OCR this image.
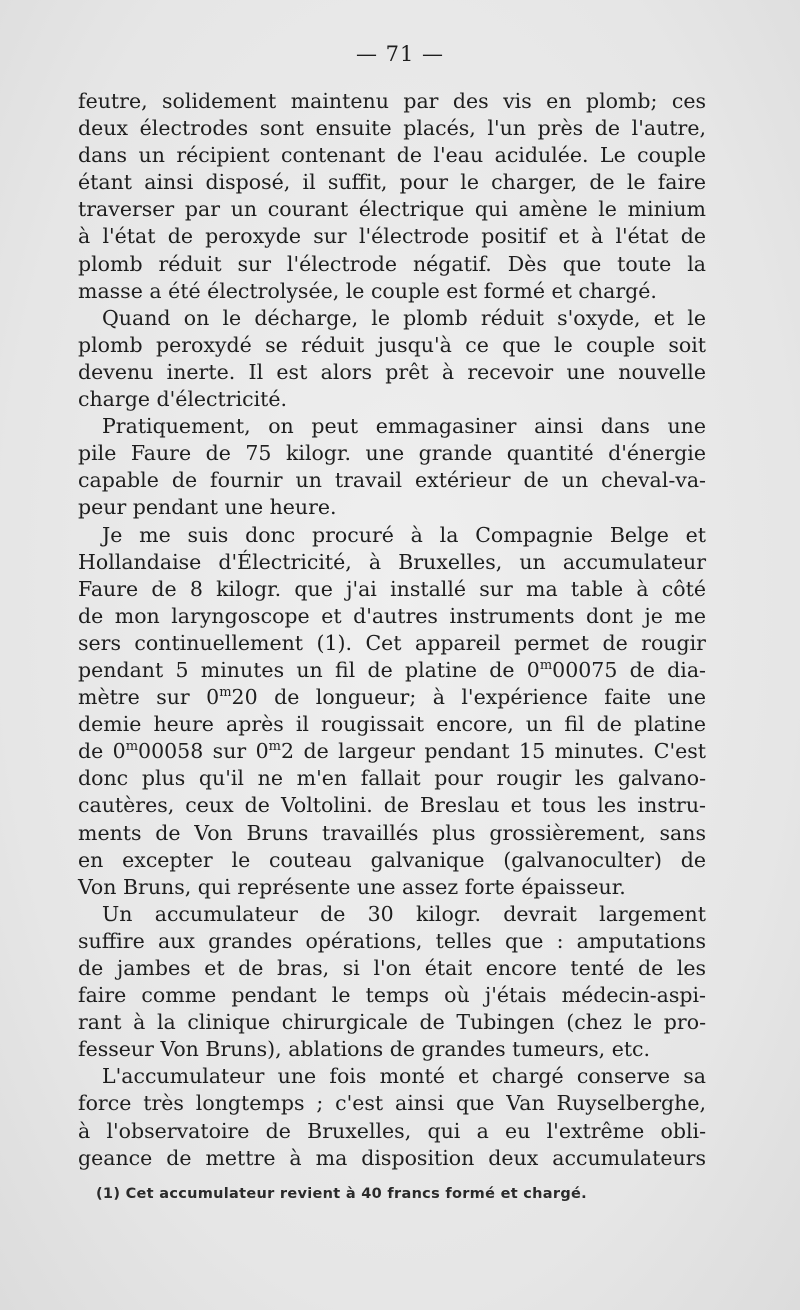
— 71 —
feutre, solidement maintenu par des vis en plomb; ces
deux électrodes sont ensuite placés, l'un près de l'autre,
dans un récipient contenant de l'eau acidulée. Le couple
étant ainsi disposé, il suffit, pour le charger, de le faire
traverser par un courant électrique qui amène le minium
à l'état de peroxyde sur l'électrode positif et à l'état de
plomb réduit sur l'électrode négatif. Dès que toute la
masse a été électrolysée, le couple est formé et chargé.
Quand on le décharge, le plomb réduit s'oxyde, et le
plomb peroxydé se réduit jusqu'à ce que le couple soit
devenu inerte. Il est alors prêt à recevoir une nouvelle
charge d'électricité.
Pratiquement, on peut emmagasiner ainsi dans une
pile Faure de 75 kilogr. une grande quantité d'énergie
capable de fournir un travail extérieur de un cheval-va-
peur pendant une heure.
Je me suis donc procuré à la Compagnie Belge et
Hollandaise d'Électricité, à Bruxelles, un accumulateur
Faure de 8 kilogr. que j'ai installé sur ma table à côté
de mon laryngoscope et d'autres instruments dont je me
sers continuellement (1). Cet appareil permet de rougir
pendant 5 minutes un fil de platine de 0$^m$00075 de dia-
mètre sur 0$^m$20 de longueur; à l'expérience faite une
demie heure après il rougissait encore, un fil de platine
de 0$^m$00058 sur 0$^m$2 de largeur pendant 15 minutes. C'est
donc plus qu'il ne m'en fallait pour rougir les galvano-
cautères, ceux de Voltolini. de Breslau et tous les instru-
ments de Von Bruns travaillés plus grossièrement, sans
en excepter le couteau galvanique (galvanoculter) de
Von Bruns, qui représente une assez forte épaisseur.
Un accumulateur de 30 kilogr. devrait largement
suffire aux grandes opérations, telles que : amputations
de jambes et de bras, si l'on était encore tenté de les
faire comme pendant le temps où j'étais médecin-aspi-
rant à la clinique chirurgicale de Tubingen (chez le pro-
fesseur Von Bruns), ablations de grandes tumeurs, etc.
L'accumulateur une fois monté et chargé conserve sa
force très longtemps ; c'est ainsi que Van Ruyselberghe,
à l'observatoire de Bruxelles, qui a eu l'extrême obli-
geance de mettre à ma disposition deux accumulateurs
(1) Cet accumulateur revient à 40 francs formé et chargé.
